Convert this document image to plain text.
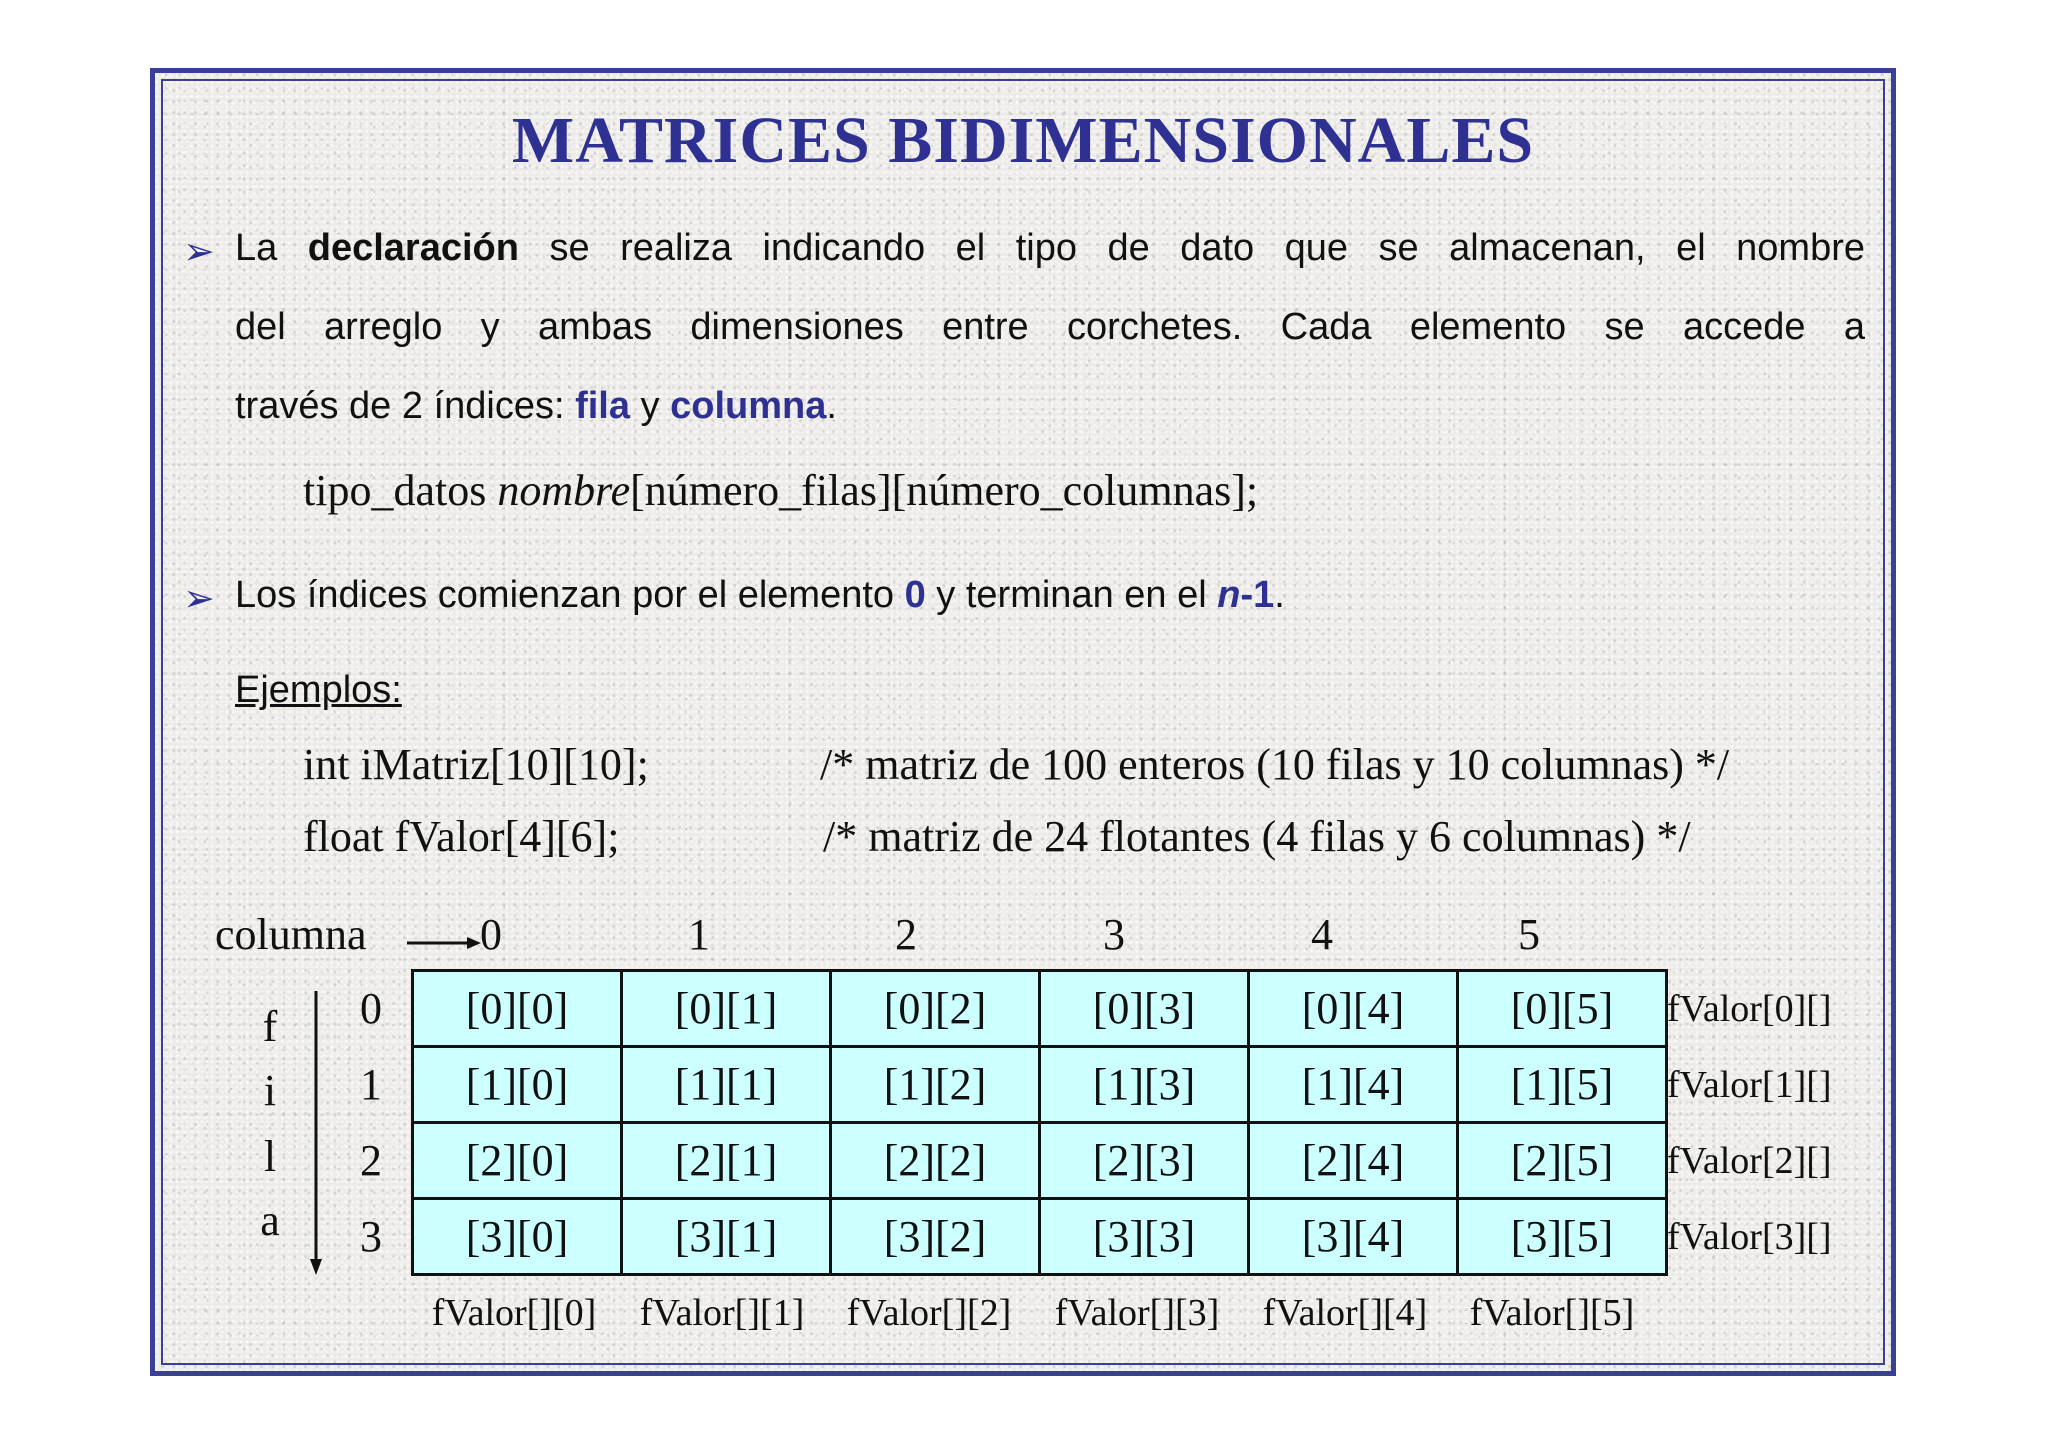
MATRICES BIDIMENSIONALES
➢ La declaración se realiza indicando el tipo de dato que se almacenan, el nombre
del arreglo y ambas dimensiones entre corchetes. Cada elemento se accede a
través de 2 índices: fila y columna.
tipo_datos nombre[número_filas][número_columnas];
➢ Los índices comienzan por el elemento 0 y terminan en el n-1.
Ejemplos:
int iMatriz[10][10];	/* matriz de 100 enteros (10 filas y 10 columnas) */
float fValor[4][6];	/* matriz de 24 flotantes (4 filas y 6 columnas) */
columna	0	1	2	3	4	5
f
i
l
a
0
1
2
3
[0][0]	[0][1]	[0][2]	[0][3]	[0][4]	[0][5]
[1][0]	[1][1]	[1][2]	[1][3]	[1][4]	[1][5]
[2][0]	[2][1]	[2][2]	[2][3]	[2][4]	[2][5]
[3][0]	[3][1]	[3][2]	[3][3]	[3][4]	[3][5]
fValor[0][]
fValor[1][]
fValor[2][]
fValor[3][]
fValor[][0]	fValor[][1]	fValor[][2]	fValor[][3]	fValor[][4]	fValor[][5]
